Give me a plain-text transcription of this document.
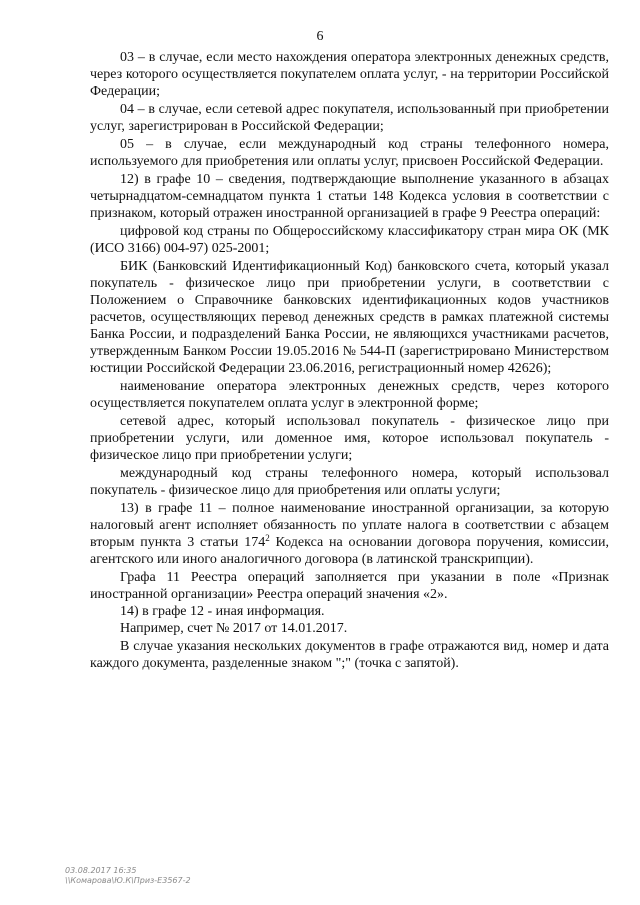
6

03 – в случае, если место нахождения оператора электронных денежных средств, через которого осуществляется покупателем оплата услуг, - на территории Российской Федерации;

04 – в случае, если сетевой адрес покупателя, использованный при приобретении услуг, зарегистрирован в Российской Федерации;

05 – в случае, если международный код страны телефонного номера, используемого для приобретения или оплаты услуг, присвоен Российской Федерации.

12) в графе 10 – сведения, подтверждающие выполнение указанного в абзацах четырнадцатом-семнадцатом пункта 1 статьи 148 Кодекса условия в соответствии с признаком, который отражен иностранной организацией в графе 9 Реестра операций:

цифровой код страны по Общероссийскому классификатору стран мира ОК (МК (ИСО 3166) 004-97) 025-2001;

БИК (Банковский Идентификационный Код) банковского счета, который указал покупатель - физическое лицо при приобретении услуги, в соответствии с Положением о Справочнике банковских идентификационных кодов участников расчетов, осуществляющих перевод денежных средств в рамках платежной системы Банка России, и подразделений Банка России, не являющихся участниками расчетов, утвержденным Банком России 19.05.2016 № 544-П (зарегистрировано Министерством юстиции Российской Федерации 23.06.2016, регистрационный номер 42626);

наименование оператора электронных денежных средств, через которого осуществляется покупателем оплата услуг в электронной форме;

сетевой адрес, который использовал покупатель - физическое лицо при приобретении услуги, или доменное имя, которое использовал покупатель - физическое лицо при приобретении услуги;

международный код страны телефонного номера, который использовал покупатель - физическое лицо для приобретения или оплаты услуги;

13) в графе 11 – полное наименование иностранной организации, за которую налоговый агент исполняет обязанность по уплате налога в соответствии с абзацем вторым пункта 3 статьи $174^2$ Кодекса на основании договора поручения, комиссии, агентского или иного аналогичного договора (в латинской транскрипции).

Графа 11 Реестра операций заполняется при указании в поле «Признак иностранной организации» Реестра операций значения «2».

14) в графе 12 - иная информация.

Например, счет № 2017 от 14.01.2017.

В случае указания нескольких документов в графе отражаются вид, номер и дата каждого документа, разделенные знаком ";" (точка с запятой).

03.08.2017 16:35
\\Комарова\Ю.К\Приз-E3567-2
